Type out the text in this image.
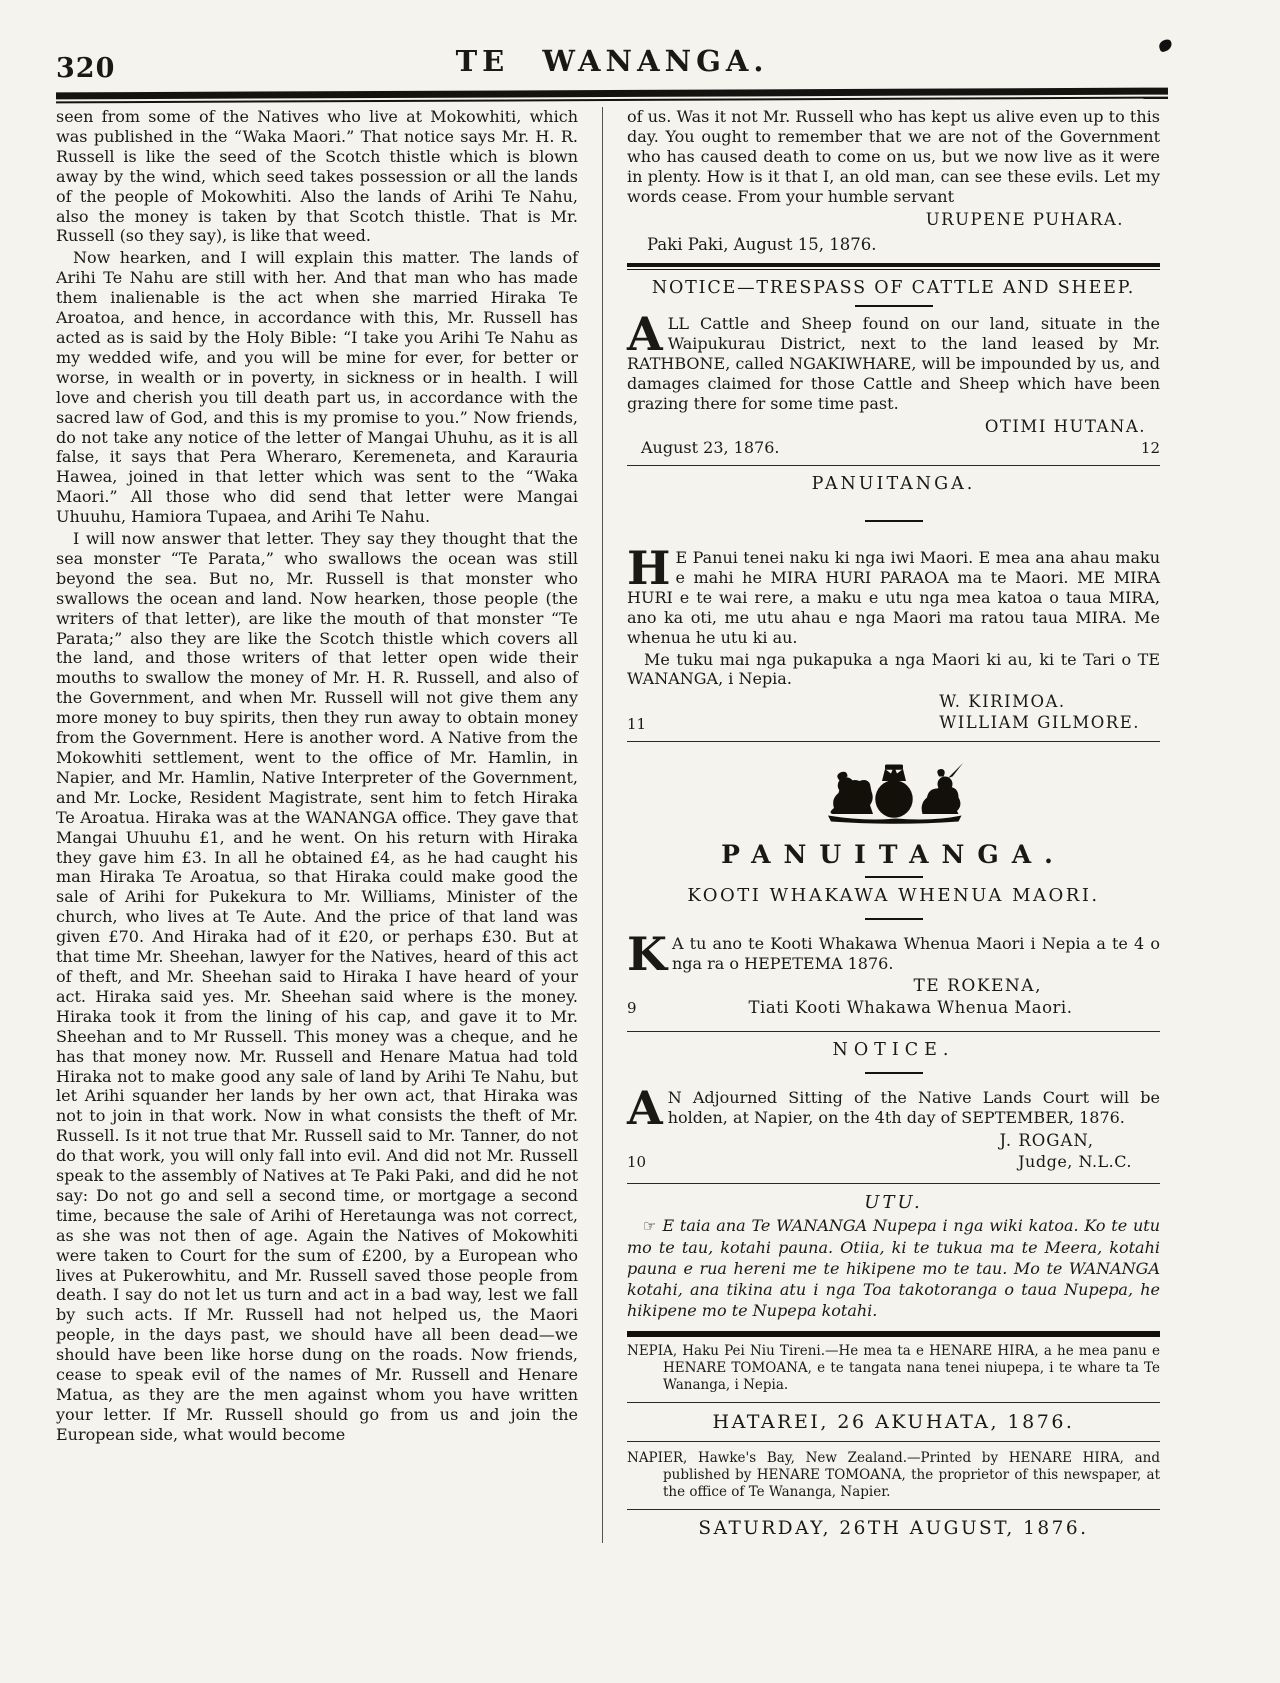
320	TE WANANGA.

seen from some of the Natives who live at Mokowhiti, which was published in the “Waka Maori.” That notice says Mr. H. R. Russell is like the seed of the Scotch thistle which is blown away by the wind, which seed takes possession or all the lands of the people of Mokowhiti. Also the lands of Arihi Te Nahu, also the money is taken by that Scotch thistle. That is Mr. Russell (so they say), is like that weed.

Now hearken, and I will explain this matter. The lands of Arihi Te Nahu are still with her. And that man who has made them inalienable is the act when she married Hiraka Te Aroatoa, and hence, in accordance with this, Mr. Russell has acted as is said by the Holy Bible: “I take you Arihi Te Nahu as my wedded wife, and you will be mine for ever, for better or worse, in wealth or in poverty, in sickness or in health. I will love and cherish you till death part us, in accordance with the sacred law of God, and this is my promise to you.” Now friends, do not take any notice of the letter of Mangai Uhuhu, as it is all false, it says that Pera Wheraro, Keremeneta, and Karauria Hawea, joined in that letter which was sent to the “Waka Maori.” All those who did send that letter were Mangai Uhuuhu, Hamiora Tupaea, and Arihi Te Nahu.

I will now answer that letter. They say they thought that the sea monster “Te Parata,” who swallows the ocean was still beyond the sea. But no, Mr. Russell is that monster who swallows the ocean and land. Now hearken, those people (the writers of that letter), are like the mouth of that monster “Te Parata;” also they are like the Scotch thistle which covers all the land, and those writers of that letter open wide their mouths to swallow the money of Mr. H. R. Russell, and also of the Government, and when Mr. Russell will not give them any more money to buy spirits, then they run away to obtain money from the Government. Here is another word. A Native from the Mokowhiti settlement, went to the office of Mr. Hamlin, in Napier, and Mr. Hamlin, Native Interpreter of the Government, and Mr. Locke, Resident Magistrate, sent him to fetch Hiraka Te Aroatua. Hiraka was at the WANANGA office. They gave that Mangai Uhuuhu £1, and he went. On his return with Hiraka they gave him £3. In all he obtained £4, as he had caught his man Hiraka Te Aroatua, so that Hiraka could make good the sale of Arihi for Pukekura to Mr. Williams, Minister of the church, who lives at Te Aute. And the price of that land was given £70. And Hiraka had of it £20, or perhaps £30. But at that time Mr. Sheehan, lawyer for the Natives, heard of this act of theft, and Mr. Sheehan said to Hiraka I have heard of your act. Hiraka said yes. Mr. Sheehan said where is the money. Hiraka took it from the lining of his cap, and gave it to Mr. Sheehan and to Mr Russell. This money was a cheque, and he has that money now. Mr. Russell and Henare Matua had told Hiraka not to make good any sale of land by Arihi Te Nahu, but let Arihi squander her lands by her own act, that Hiraka was not to join in that work. Now in what consists the theft of Mr. Russell. Is it not true that Mr. Russell said to Mr. Tanner, do not do that work, you will only fall into evil. And did not Mr. Russell speak to the assembly of Natives at Te Paki Paki, and did he not say: Do not go and sell a second time, or mortgage a second time, because the sale of Arihi of Heretaunga was not correct, as she was not then of age. Again the Natives of Mokowhiti were taken to Court for the sum of £200, by a European who lives at Pukerowhitu, and Mr. Russell saved those people from death. I say do not let us turn and act in a bad way, lest we fall by such acts. If Mr. Russell had not helped us, the Maori people, in the days past, we should have all been dead—we should have been like horse dung on the roads. Now friends, cease to speak evil of the names of Mr. Russell and Henare Matua, as they are the men against whom you have written your letter. If Mr. Russell should go from us and join the European side, what would become

of us. Was it not Mr. Russell who has kept us alive even up to this day. You ought to remember that we are not of the Government who has caused death to come on us, but we now live as it were in plenty. How is it that I, an old man, can see these evils. Let my words cease. From your humble servant

URUPENE PUHARA.

Paki Paki, August 15, 1876.

NOTICE—TRESPASS OF CATTLE AND SHEEP.

ALL Cattle and Sheep found on our land, situate in the Waipukurau District, next to the land leased by Mr. RATHBONE, called NGAKIWHARE, will be impounded by us, and damages claimed for those Cattle and Sheep which have been grazing there for some time past.

OTIMI HUTANA.
August 23, 1876.	12
PANUITANGA.

H E Panui tenei naku ki nga iwi Maori. E mea ana ahau maku e mahi he MIRA HURI PARAOA ma te Maori. ME MIRA HURI e te wai rere, a maku e utu nga mea katoa o taua MIRA, ano ka oti, me utu ahau e nga Maori ma ratou taua MIRA. Me whenua he utu ki au.

Me tuku mai nga pukapuka a nga Maori ki au, ki te Tari o TE WANANGA, i Nepia.

11
W. KIRIMOA.
WILLIAM GILMORE.
PANUITANGA.
KOOTI WHAKAWA WHENUA MAORI.

K A tu ano te Kooti Whakawa Whenua Maori i Nepia a te 4 o nga ra o HEPETEMA 1876.

TE ROKENA,
9	Tiati Kooti Whakawa Whenua Maori.
NOTICE.

A N Adjourned Sitting of the Native Lands Court will be holden, at Napier, on the 4th day of SEPTEMBER, 1876.

J. ROGAN,
10	Judge, N.L.C.
UTU.

☞ E taia ana Te WANANGA Nupepa i nga wiki katoa. Ko te utu mo te tau, kotahi pauna. Otiia, ki te tukua ma te Meera, kotahi pauna e rua hereni me te hikipene mo te tau. Mo te WANANGA kotahi, ana tikina atu i nga Toa takotoranga o taua Nupepa, he hikipene mo te Nupepa kotahi.

NEPIA, Haku Pei Niu Tireni.—He mea ta e HENARE HIRA, a he mea panu e HENARE TOMOANA, e te tangata nana tenei niupepa, i te whare ta Te Wananga, i Nepia.

HATAREI, 26 AKUHATA, 1876.

NAPIER, Hawke's Bay, New Zealand.—Printed by HENARE HIRA, and published by HENARE TOMOANA, the proprietor of this newspaper, at the office of Te Wananga, Napier.

SATURDAY, 26TH AUGUST, 1876.
